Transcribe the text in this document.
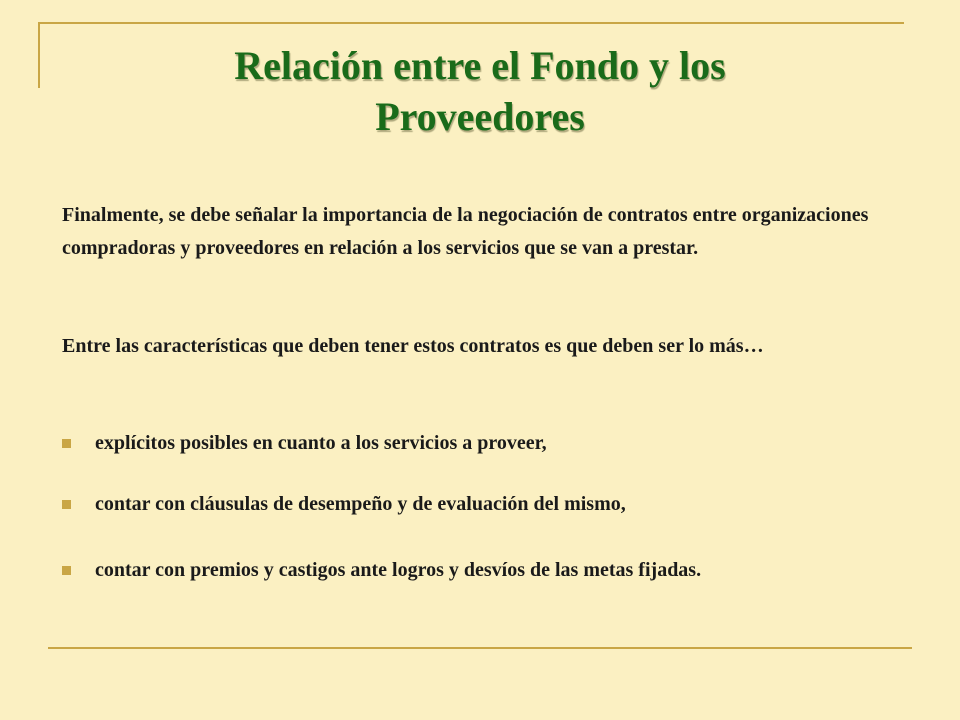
Relación entre el Fondo y los
Proveedores

Finalmente, se debe señalar la importancia de la negociación de contratos entre organizaciones compradoras y proveedores en relación a los servicios que se van a prestar.

Entre las características que deben tener estos contratos es que deben ser lo más…

explícitos posibles en cuanto a los servicios a proveer,
contar con cláusulas de desempeño y de evaluación del mismo,
contar con premios y castigos ante logros y desvíos de las metas fijadas.
